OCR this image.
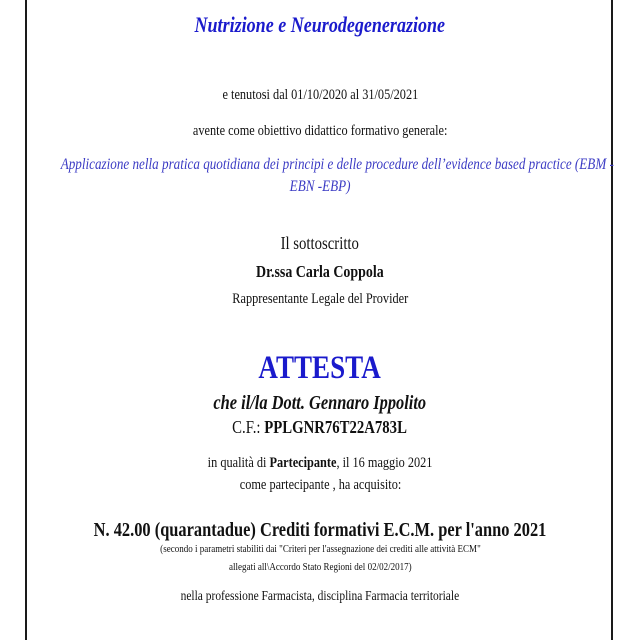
Nutrizione e Neurodegenerazione
e tenutosi dal 01/10/2020 al 31/05/2021
avente come obiettivo didattico formativo generale:
Applicazione nella pratica quotidiana dei principi e delle procedure dell’evidence based practice (EBM -
EBN -EBP)
Il sottoscritto
Dr.ssa Carla Coppola
Rappresentante Legale del Provider
ATTESTA
che il/la Dott. Gennaro Ippolito
C.F.: PPLGNR76T22A783L
in qualità di Partecipante, il 16 maggio 2021
come partecipante , ha acquisito:
N. 42.00 (quarantadue) Crediti formativi E.C.M. per l'anno 2021
(secondo i parametri stabiliti dai "Criteri per l'assegnazione dei crediti alle attività ECM"
allegati all\Accordo Stato Regioni del 02/02/2017)
nella professione Farmacista, disciplina Farmacia territoriale
